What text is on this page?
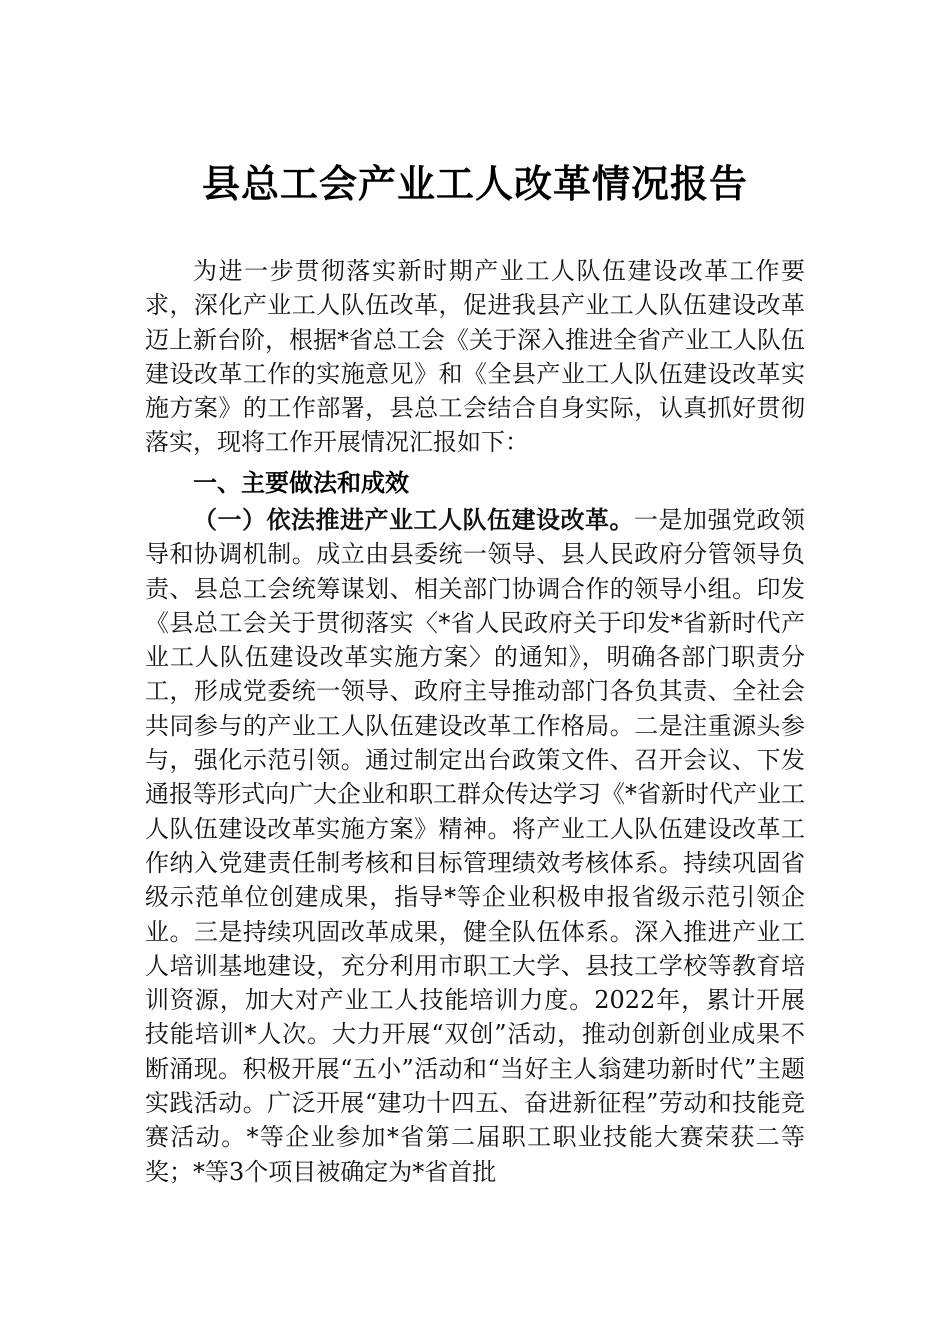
县总工会产业工人改革情况报告

为进一步贯彻落实新时期产业工人队伍建设改革工作要求，深化产业工人队伍改革，促进我县产业工人队伍建设改革迈上新台阶，根据*省总工会《关于深入推进全省产业工人队伍建设改革工作的实施意见》和《全县产业工人队伍建设改革实施方案》的工作部署，县总工会结合自身实际，认真抓好贯彻落实，现将工作开展情况汇报如下：

一、主要做法和成效

（一）依法推进产业工人队伍建设改革。一是加强党政领导和协调机制。成立由县委统一领导、县人民政府分管领导负责、县总工会统筹谋划、相关部门协调合作的领导小组。印发《县总工会关于贯彻落实〈*省人民政府关于印发*省新时代产业工人队伍建设改革实施方案〉的通知》，明确各部门职责分工，形成党委统一领导、政府主导推动部门各负其责、全社会共同参与的产业工人队伍建设改革工作格局。二是注重源头参与，强化示范引领。通过制定出台政策文件、召开会议、下发通报等形式向广大企业和职工群众传达学习《*省新时代产业工人队伍建设改革实施方案》精神。将产业工人队伍建设改革工作纳入党建责任制考核和目标管理绩效考核体系。持续巩固省级示范单位创建成果，指导*等企业积极申报省级示范引领企业。三是持续巩固改革成果，健全队伍体系。深入推进产业工人培训基地建设，充分利用市职工大学、县技工学校等教育培训资源，加大对产业工人技能培训力度。2022年，累计开展技能培训*人次。大力开展“双创”活动，推动创新创业成果不断涌现。积极开展“五小”活动和“当好主人翁建功新时代”主题实践活动。广泛开展“建功十四五、奋进新征程”劳动和技能竞赛活动。*等企业参加*省第二届职工职业技能大赛荣获二等奖；*等3个项目被确定为*省首批
